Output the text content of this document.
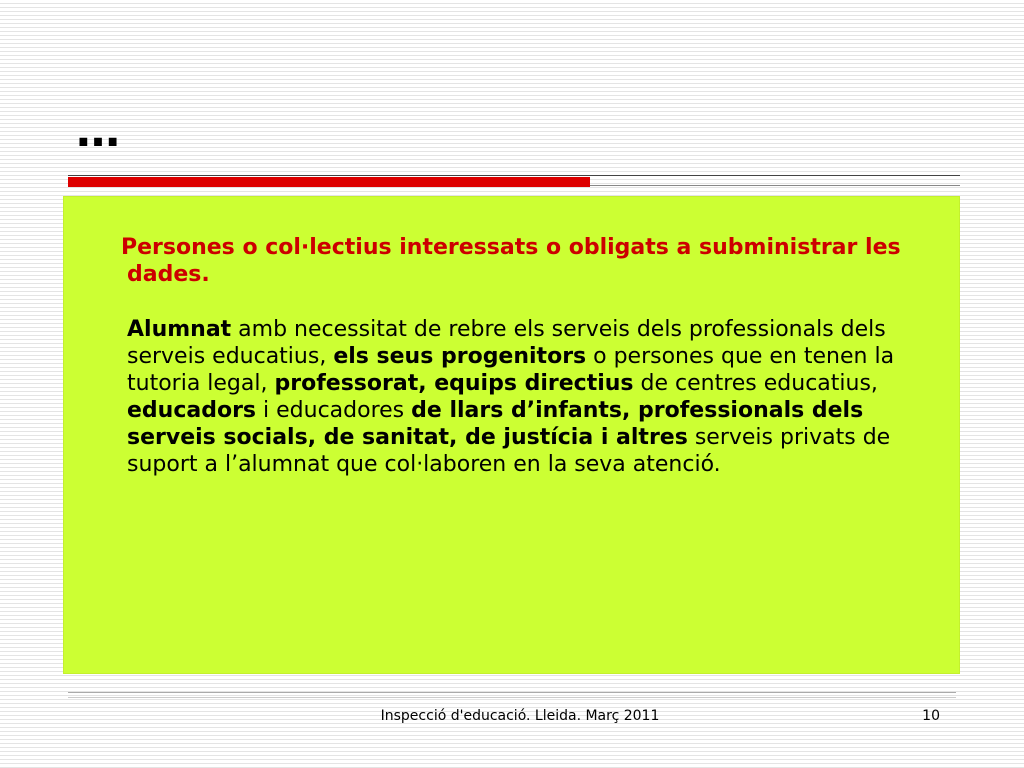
…

Persones o col·lectius interessats o obligats a subministrar les dades.

Alumnat amb necessitat de rebre els serveis dels professionals dels serveis educatius, els seus progenitors o persones que en tenen la tutoria legal, professorat, equips directius de centres educatius, educadors i educadores de llars d’infants, professionals dels serveis socials, de sanitat, de justícia i altres serveis privats de suport a l’alumnat que col·laboren en la seva atenció.

Inspecció d'educació. Lleida. Març 2011	10
